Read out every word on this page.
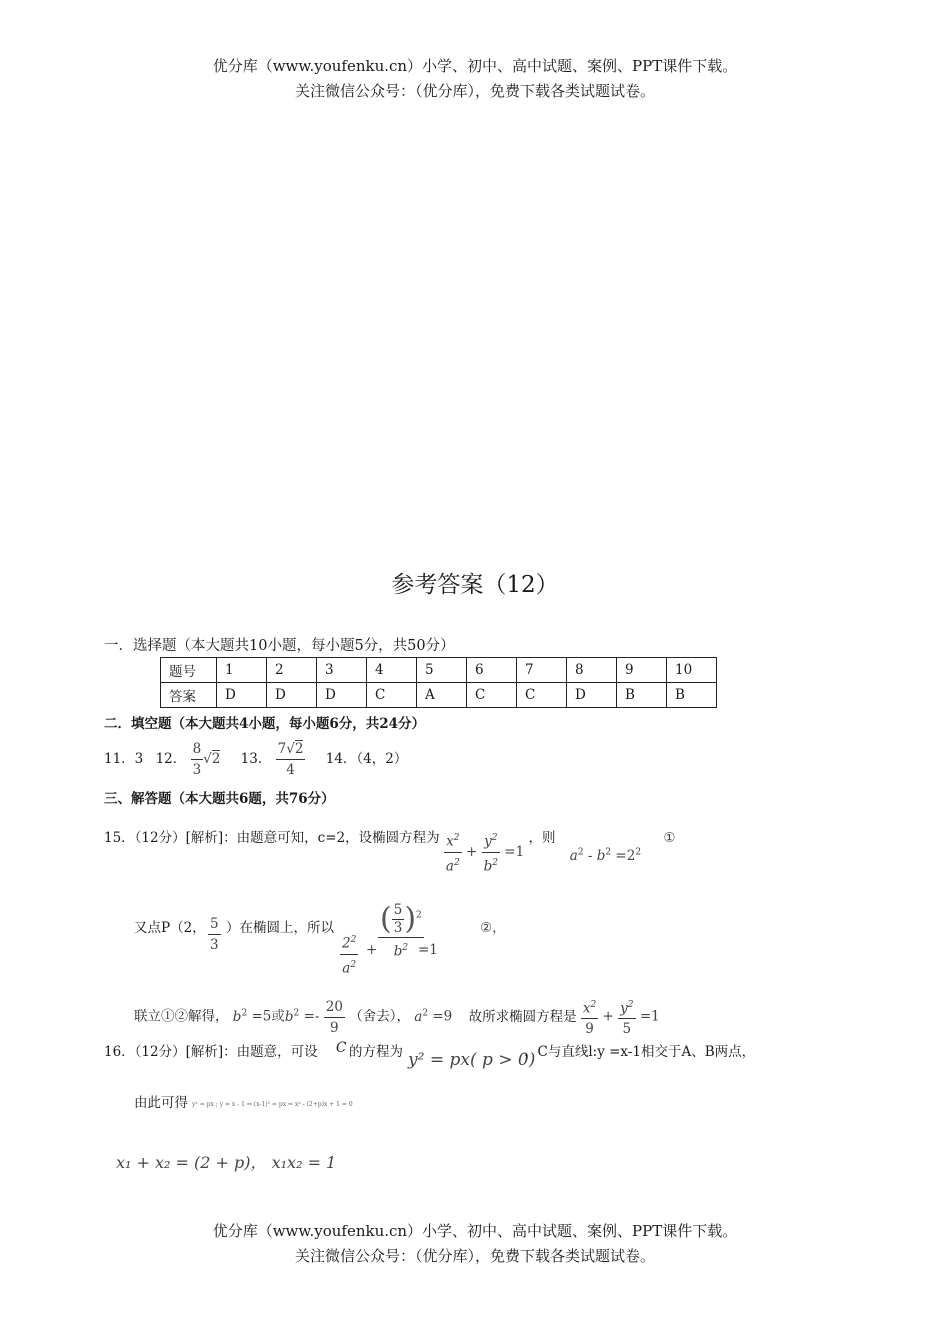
优分库（www.youfenku.cn）小学、初中、高中试题、案例、PPT课件下载。
关注微信公众号：（优分库），免费下载各类试题试卷。
参考答案（12）
一．选择题（本大题共10小题，每小题5分，共50分）
题号	1	2	3	4	5	6	7	8	9	10
答案	D	D	D	C	A	C	C	D	B	B
二．填空题（本大题共4小题，每小题6分，共24分）
11．3 12． $\frac{8}{3} √2$ 13． $\frac{7√2}{4} 14$．（4，2）
三、解答题（本大题共6题，共76分）
15．（12分）[解析]：由题意可知，c=2，设椭圆方程为 $\frac{x^2}{a^2} + \frac{y^2}{b^2} =1$ ，则 $a^2 - b^2 =2^2$ ①
又点P（2， $\frac{5}{3}$ ）在椭圆上，所以
$\frac{2^2}{a^2} + \frac{( \frac{5}{3} )^2}{b^2}$
=1
②，
联立①②解得， $b^2 =5$或$b^2 =- \frac{20}{9}$ （舍去）， $a^2 =9$ 故所求椭圆方程是 $\frac{x^2}{9} + \frac{y^2}{5} =1$
16．（12分）[解析]：由题意，可设 C 的方程为 y² = px( p > 0)
，C与直线l:y =x-1相交于A、B两点，
由此可得 y² = px ; y = x - 1 ⇒ (x-1)² = px ⇒ x² - (2+p)x + 1 = 0
x₁ + x₂ = (2 + p)， x₁x₂ = 1
优分库（www.youfenku.cn）小学、初中、高中试题、案例、PPT课件下载。
关注微信公众号：（优分库），免费下载各类试题试卷。
